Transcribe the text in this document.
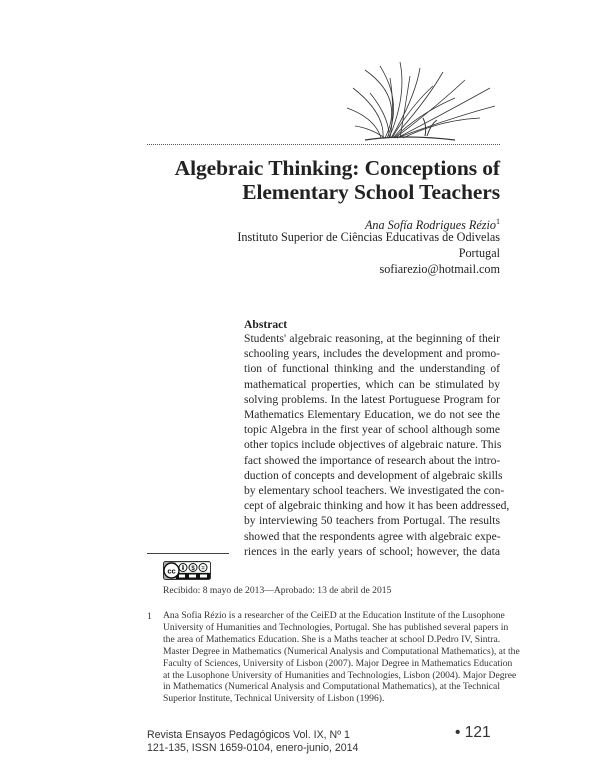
Algebraic Thinking: Conceptions of
Elementary School Teachers
Ana Sofía Rodrigues Rézio$^1$
Instituto Superior de Ciências Educativas de Odivelas
Portugal
sofiarezio@hotmail.com
Abstract
Students' algebraic reasoning, at the beginning of their
schooling years, includes the development and promo-
tion of functional thinking and the understanding of
mathematical properties, which can be stimulated by
solving problems. In the latest Portuguese Program for
Mathematics Elementary Education, we do not see the
topic Algebra in the first year of school although some
other topics include objectives of algebraic nature. This
fact showed the importance of research about the intro-
duction of concepts and development of algebraic skills
by elementary school teachers. We investigated the con-
cept of algebraic thinking and how it has been addressed,
by interviewing 50 teachers from Portugal. The results
showed that the respondents agree with algebraic expe-
riences in the early years of school; however, the data
cc	$ =
Recibido: 8 mayo de 2013—Aprobado: 13 de abril de 2015
1 Ana Sofia Rézio is a researcher of the CeiED at the Education Institute of the Lusophone
University of Humanities and Technologies, Portugal. She has published several papers in
the area of Mathematics Education. She is a Maths teacher at school D.Pedro IV, Sintra.
Master Degree in Mathematics (Numerical Analysis and Computational Mathematics), at the
Faculty of Sciences, University of Lisbon (2007). Major Degree in Mathematics Education
at the Lusophone University of Humanities and Technologies, Lisbon (2004). Major Degree
in Mathematics (Numerical Analysis and Computational Mathematics), at the Technical
Superior Institute, Technical University of Lisbon (1996).
Revista Ensayos Pedagógicos Vol. IX, Nº 1
121-135, ISSN 1659-0104, enero-junio, 2014
• 121
